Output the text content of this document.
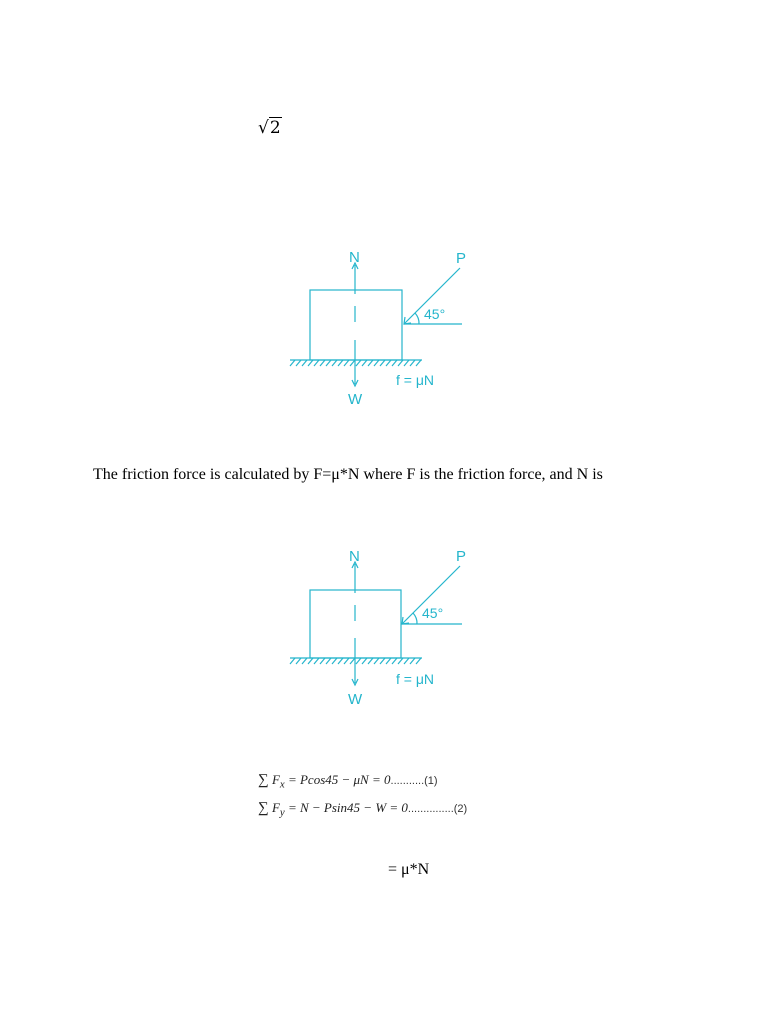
√2
N	P
45°
W
f = μN
The friction force is calculated by F=μ*N where F is the friction force, and N is
N	P
45°
W
f = μN
∑ $F_x = Pcos45 - \mu N = 0...........(1)$
∑ $F_y = N - Psin45 - W = 0...............(2)$
= μ*N
